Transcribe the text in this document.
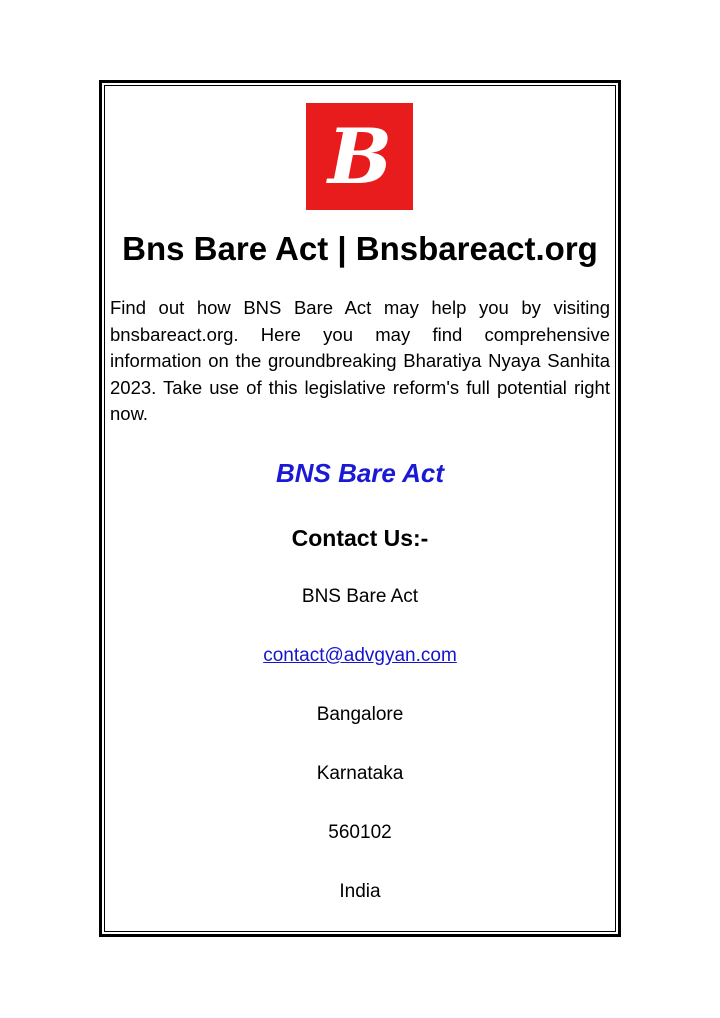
B
Bns Bare Act | Bnsbareact.org

Find out how BNS Bare Act may help you by visiting bnsbareact.org. Here you may find comprehensive information on the groundbreaking Bharatiya Nyaya Sanhita 2023. Take use of this legislative reform's full potential right now.

BNS Bare Act

Contact Us:-

BNS Bare Act

contact@advgyan.com

Bangalore

Karnataka

560102

India
